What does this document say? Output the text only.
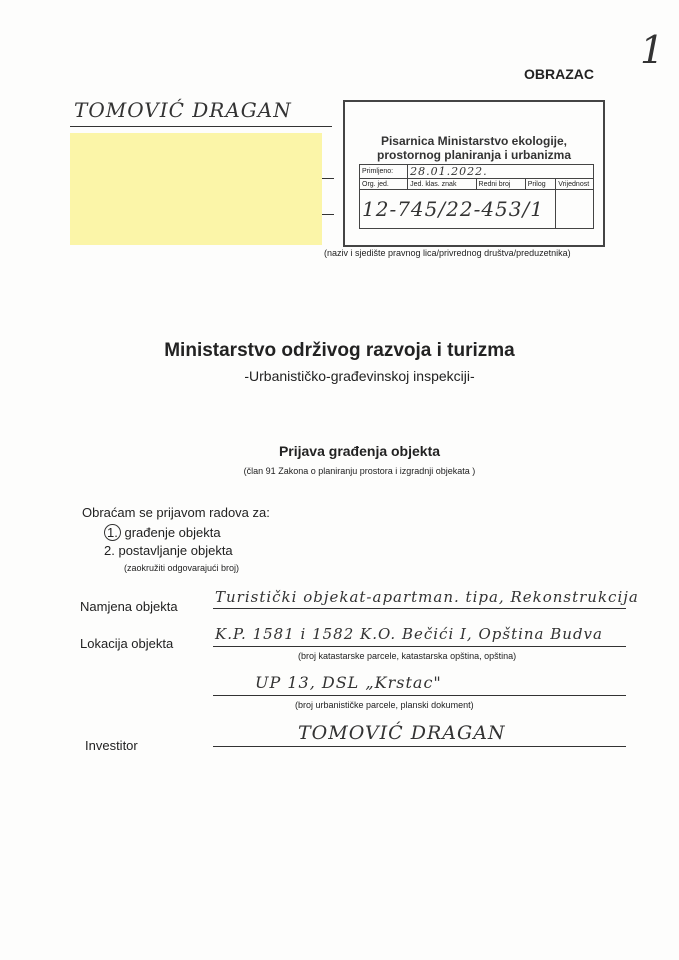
1
OBRAZAC
TOMOVIĆ DRAGAN
Pisarnica Ministarstvo ekologije, prostornog planiranja i urbanizma
Primljeno:	28.01.2022.			
Org. jed.	Jed. klas. znak	Redni broj	Prilog	Vrijednost
12-745/22-453/1				
(naziv i sjedište pravnog lica/privrednog društva/preduzetnika)
Ministarstvo održivog razvoja i turizma
-Urbanističko-građevinskoj inspekciji-
Prijava građenja objekta
(član 91 Zakona o planiranju prostora i izgradnji objekata )
Obraćam se prijavom radova za:
1. građenje objekta
2. postavljanje objekta
(zaokružiti odgovarajući broj)
Namjena objekta
Turistički objekat-apartman. tipa, Rekonstrukcija
Lokacija objekta
K.P. 1581 i 1582 K.O. Bečići I, Opština Budva
(broj katastarske parcele, katastarska opština, opština)
UP 13, DSL „Krstac"
(broj urbanističke parcele, planski dokument)
Investitor
TOMOVIĆ DRAGAN
